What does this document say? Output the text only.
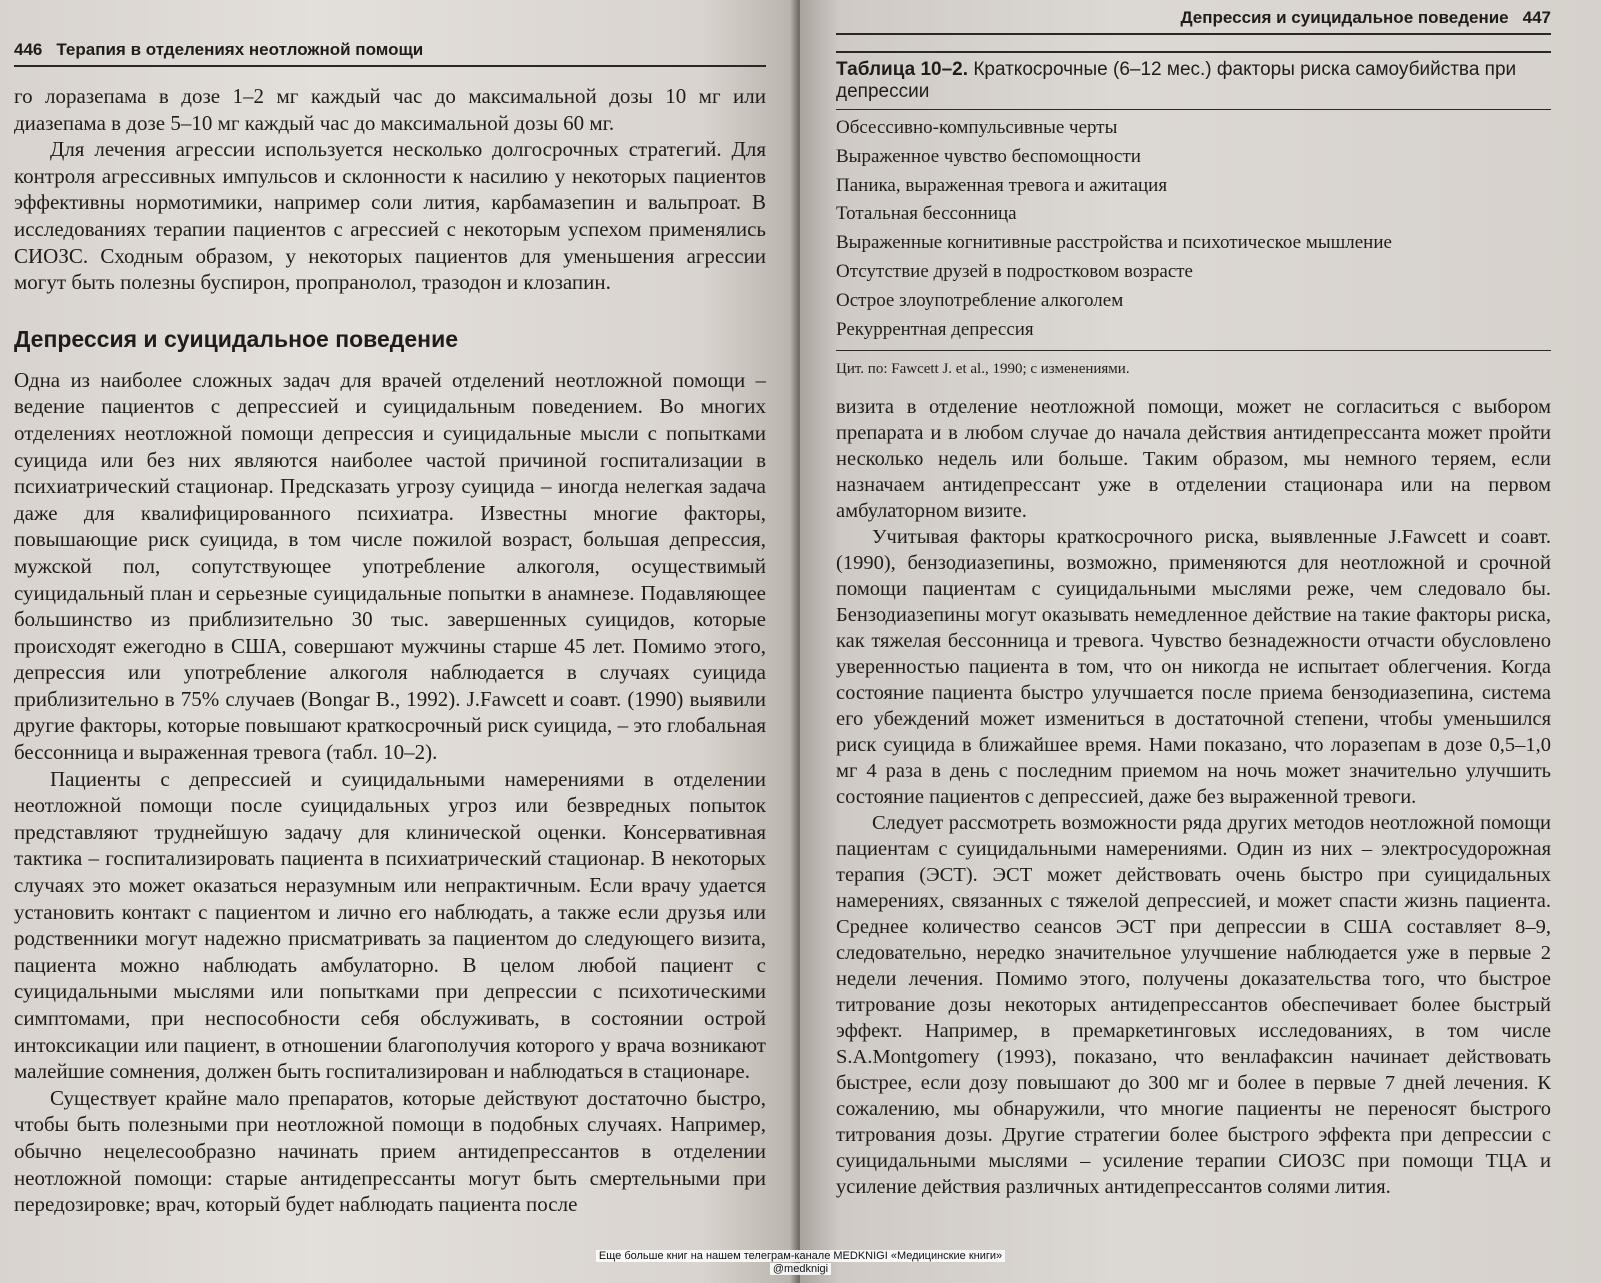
446 Терапия в отделениях неотложной помощи

го лоразепама в дозе 1–2 мг каждый час до максимальной дозы 10 мг или диазепама в дозе 5–10 мг каждый час до максимальной дозы 60 мг.

Для лечения агрессии используется несколько долгосрочных стратегий. Для контроля агрессивных импульсов и склонности к насилию у некоторых пациентов эффективны нормотимики, например соли лития, карбамазепин и вальпроат. В исследованиях терапии пациентов с агрессией с некоторым успехом применялись СИОЗС. Сходным образом, у некоторых пациентов для уменьшения агрессии могут быть полезны буспирон, пропранолол, тразодон и клозапин.

Депрессия и суицидальное поведение

Одна из наиболее сложных задач для врачей отделений неотложной помощи – ведение пациентов с депрессией и суицидальным поведением. Во многих отделениях неотложной помощи депрессия и суицидальные мысли с попытками суицида или без них являются наиболее частой причиной госпитализации в психиатрический стационар. Предсказать угрозу суицида – иногда нелегкая задача даже для квалифицированного психиатра. Известны многие факторы, повышающие риск суицида, в том числе пожилой возраст, большая депрессия, мужской пол, сопутствующее употребление алкоголя, осуществимый суицидальный план и серьезные суицидальные попытки в анамнезе. Подавляющее большинство из приблизительно 30 тыс. завершенных суицидов, которые происходят ежегодно в США, совершают мужчины старше 45 лет. Помимо этого, депрессия или употребление алкоголя наблюдается в случаях суицида приблизительно в 75% случаев (Bongar B., 1992). J.Fawcett и соавт. (1990) выявили другие факторы, которые повышают краткосрочный риск суицида, – это глобальная бессонница и выраженная тревога (табл. 10–2).

Пациенты с депрессией и суицидальными намерениями в отделении неотложной помощи после суицидальных угроз или безвредных попыток представляют труднейшую задачу для клинической оценки. Консервативная тактика – госпитализировать пациента в психиатрический стационар. В некоторых случаях это может оказаться неразумным или непрактичным. Если врачу удается установить контакт с пациентом и лично его наблюдать, а также если друзья или родственники могут надежно присматривать за пациентом до следующего визита, пациента можно наблюдать амбулаторно. В целом любой пациент с суицидальными мыслями или попытками при депрессии с психотическими симптомами, при неспособности себя обслуживать, в состоянии острой интоксикации или пациент, в отношении благополучия которого у врача возникают малейшие сомнения, должен быть госпитализирован и наблюдаться в стационаре.

Существует крайне мало препаратов, которые действуют достаточно быстро, чтобы быть полезными при неотложной помощи в подобных случаях. Например, обычно нецелесообразно начинать прием антидепрессантов в отделении неотложной помощи: старые антидепрессанты могут быть смертельными при передозировке; врач, который будет наблюдать пациента после

Депрессия и суицидальное поведение 447
Таблица 10–2. Краткосрочные (6–12 мес.) факторы риска самоубийства при депрессии
Обсессивно-компульсивные черты
Выраженное чувство беспомощности
Паника, выраженная тревога и ажитация
Тотальная бессонница
Выраженные когнитивные расстройства и психотическое мышление
Отсутствие друзей в подростковом возрасте
Острое злоупотребление алкоголем
Рекуррентная депрессия
Цит. по: Fawcett J. et al., 1990; с изменениями.

визита в отделение неотложной помощи, может не согласиться с выбором препарата и в любом случае до начала действия антидепрессанта может пройти несколько недель или больше. Таким образом, мы немного теряем, если назначаем антидепрессант уже в отделении стационара или на первом амбулаторном визите.

Учитывая факторы краткосрочного риска, выявленные J.Fawcett и соавт. (1990), бензодиазепины, возможно, применяются для неотложной и срочной помощи пациентам с суицидальными мыслями реже, чем следовало бы. Бензодиазепины могут оказывать немедленное действие на такие факторы риска, как тяжелая бессонница и тревога. Чувство безнадежности отчасти обусловлено уверенностью пациента в том, что он никогда не испытает облегчения. Когда состояние пациента быстро улучшается после приема бензодиазепина, система его убеждений может измениться в достаточной степени, чтобы уменьшился риск суицида в ближайшее время. Нами показано, что лоразепам в дозе 0,5–1,0 мг 4 раза в день с последним приемом на ночь может значительно улучшить состояние пациентов с депрессией, даже без выраженной тревоги.

Следует рассмотреть возможности ряда других методов неотложной помощи пациентам с суицидальными намерениями. Один из них – электросудорожная терапия (ЭСТ). ЭСТ может действовать очень быстро при суицидальных намерениях, связанных с тяжелой депрессией, и может спасти жизнь пациента. Среднее количество сеансов ЭСТ при депрессии в США составляет 8–9, следовательно, нередко значительное улучшение наблюдается уже в первые 2 недели лечения. Помимо этого, получены доказательства того, что быстрое титрование дозы некоторых антидепрессантов обеспечивает более быстрый эффект. Например, в премаркетинговых исследованиях, в том числе S.A.Montgomery (1993), показано, что венлафаксин начинает действовать быстрее, если дозу повышают до 300 мг и более в первые 7 дней лечения. К сожалению, мы обнаружили, что многие пациенты не переносят быстрого титрования дозы. Другие стратегии более быстрого эффекта при депрессии с суицидальными мыслями – усиление терапии СИОЗС при помощи ТЦА и усиление действия различных антидепрессантов солями лития.

Еще больше книг на нашем телеграм-канале MEDKNIGI «Медицинские книги»
@medknigi
